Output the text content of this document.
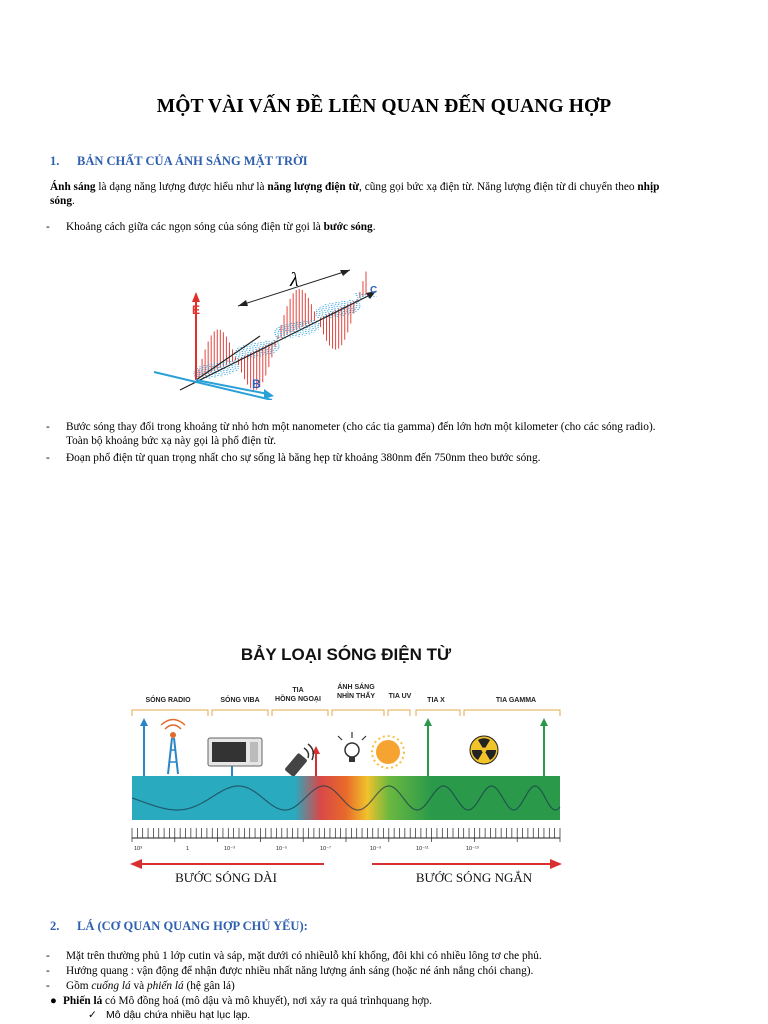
MỘT VÀI VẤN ĐỀ LIÊN QUAN ĐẾN QUANG HỢP
1. BẢN CHẤT CỦA ÁNH SÁNG MẶT TRỜI
Ánh sáng là dạng năng lượng được hiểu như là năng lượng điện từ, cũng gọi bức xạ điện từ. Năng lượng điện từ di chuyển theo nhịp
sóng.
- Khoảng cách giữa các ngọn sóng của sóng điện từ gọi là bước sóng.
λ
E
B
C
- Bước sóng thay đổi trong khoảng từ nhỏ hơn một nanometer (cho các tia gamma) đến lớn hơn một kilometer (cho các sóng radio).
Toàn bộ khoảng bức xạ này gọi là phổ điện từ.
- Đoạn phổ điện từ quan trọng nhất cho sự sống là băng hẹp từ khoảng 380nm đến 750nm theo bước sóng.
BẢY LOẠI SÓNG ĐIỆN TỪ
SÓNG RADIO	SÓNG VIBA
TIA
HỒNG NGOẠI
ÁNH SÁNG
NHÌN THẤY TIA UV
TIA X	TIA GAMMA
10³	1	10⁻³	10⁻⁵	10⁻⁷	10⁻⁹	10⁻¹¹	10⁻¹³
BƯỚC SÓNG DÀI	BƯỚC SÓNG NGẮN
2. LÁ (CƠ QUAN QUANG HỢP CHỦ YẾU):
- Mặt trên thường phủ 1 lớp cutin và sáp, mặt dưới có nhiềulỗ khí khổng, đôi khi có nhiều lông tơ che phủ.
- Hướng quang : vận động để nhận được nhiều nhất năng lượng ánh sáng (hoặc né ánh nắng chói chang).
- Gồm cuống lá và phiến lá (hệ gân lá)
● Phiến lá có Mô đồng hoá (mô dậu và mô khuyết), nơi xảy ra quá trìnhquang hợp.
✓ Mô dậu chứa nhiều hạt lục lạp.
